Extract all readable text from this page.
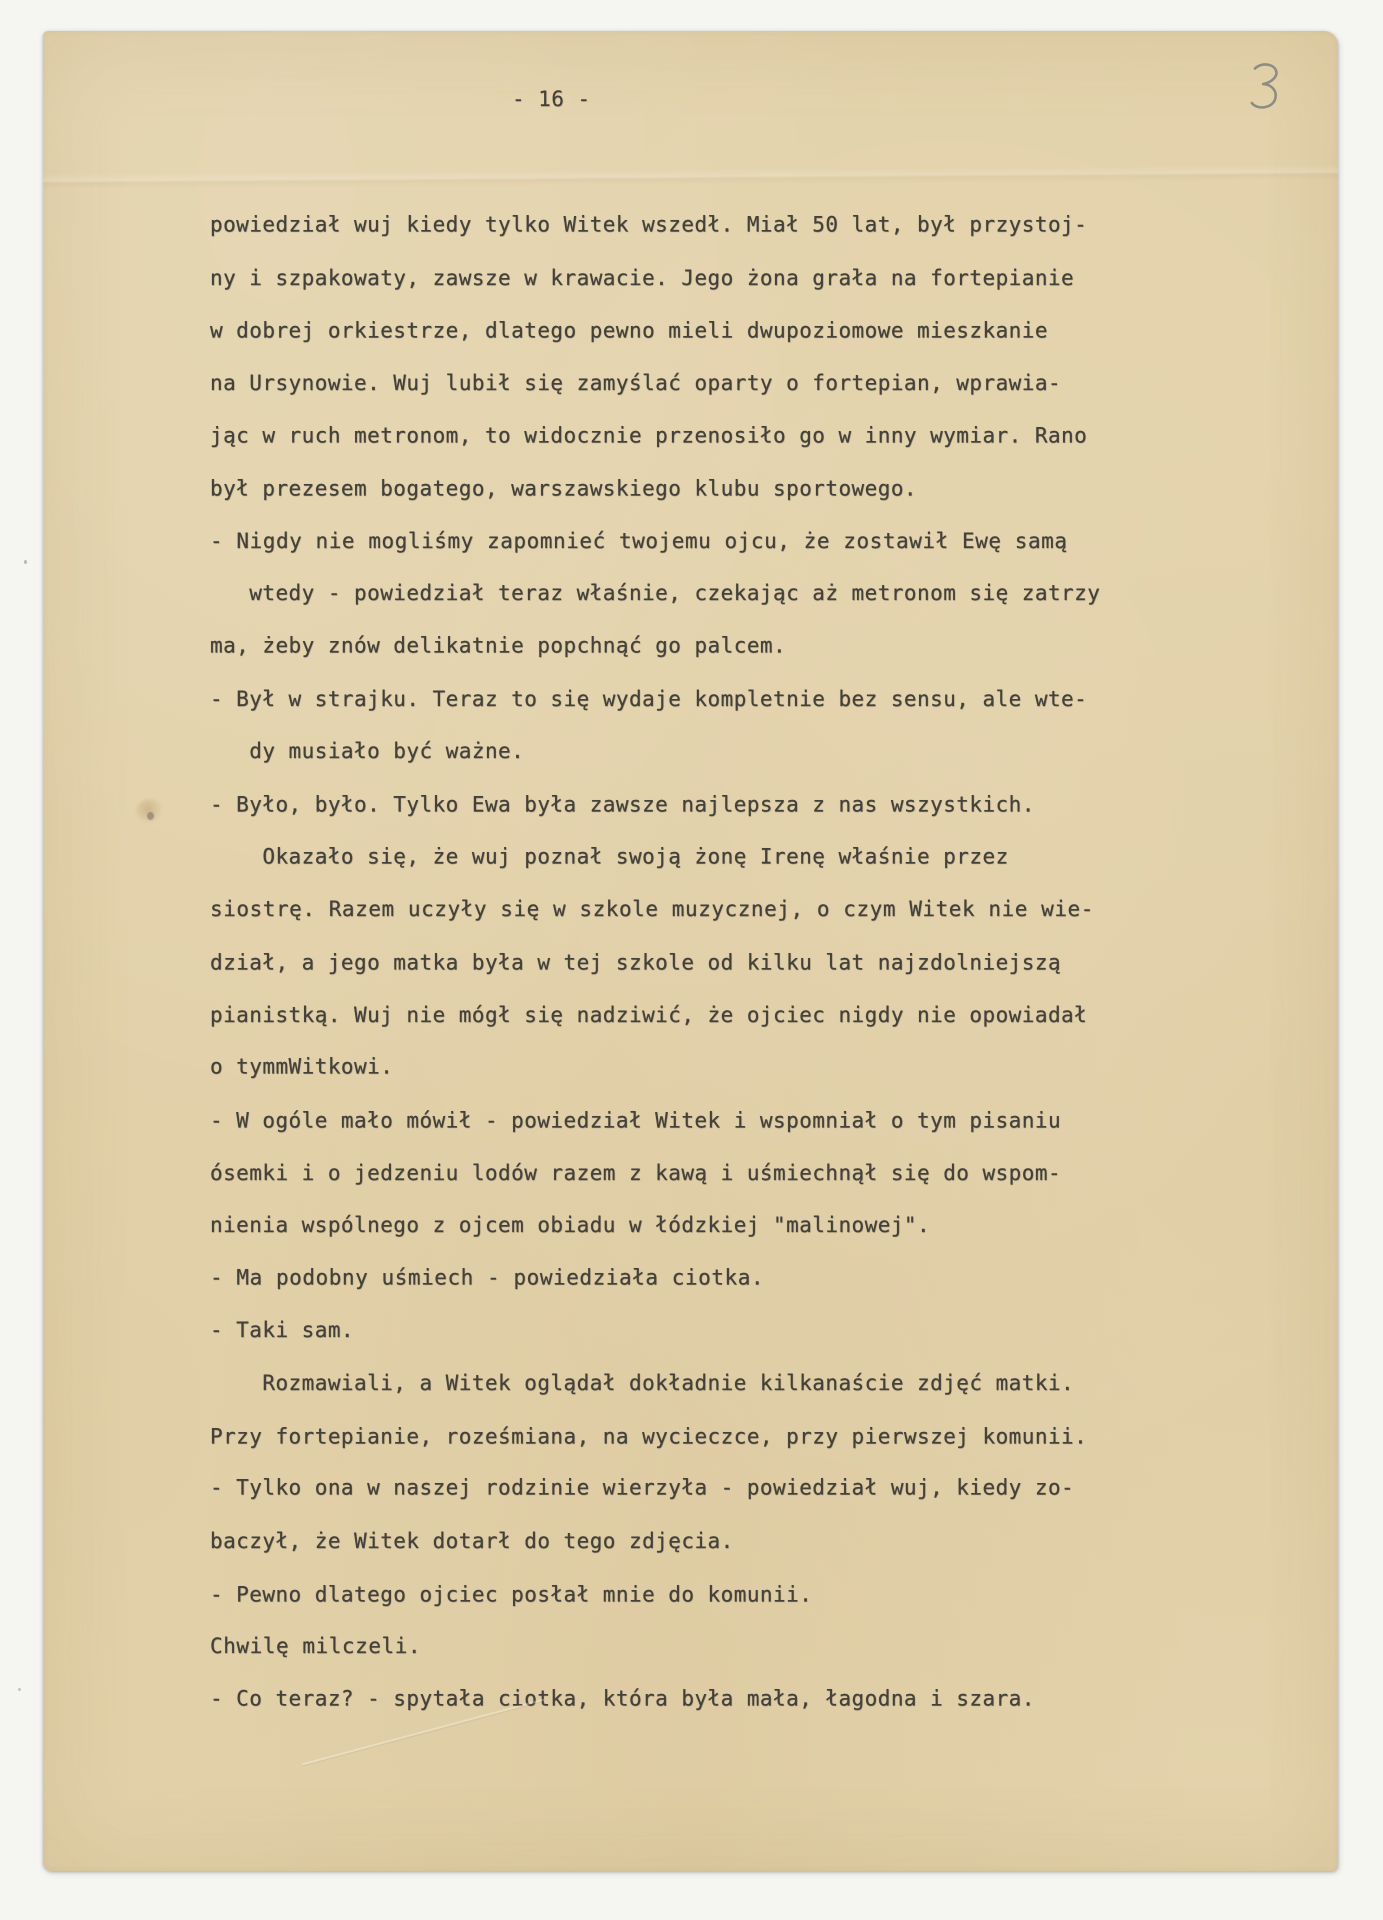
- 16 -
powiedział wuj kiedy tylko Witek wszedł. Miał 50 lat, był przystoj-
ny i szpakowaty, zawsze w krawacie. Jego żona grała na fortepianie
w dobrej orkiestrze, dlatego pewno mieli dwupoziomowe mieszkanie
na Ursynowie. Wuj lubił się zamyślać oparty o fortepian, wprawia-
jąc w ruch metronom, to widocznie przenosiło go w inny wymiar. Rano
był prezesem bogatego, warszawskiego klubu sportowego.
- Nigdy nie mogliśmy zapomnieć twojemu ojcu, że zostawił Ewę samą
wtedy - powiedział teraz właśnie, czekając aż metronom się zatrzy
ma, żeby znów delikatnie popchnąć go palcem.
- Był w strajku. Teraz to się wydaje kompletnie bez sensu, ale wte-
dy musiało być ważne.
- Było, było. Tylko Ewa była zawsze najlepsza z nas wszystkich.
Okazało się, że wuj poznał swoją żonę Irenę właśnie przez
siostrę. Razem uczyły się w szkole muzycznej, o czym Witek nie wie-
dział, a jego matka była w tej szkole od kilku lat najzdolniejszą
pianistką. Wuj nie mógł się nadziwić, że ojciec nigdy nie opowiadał
o tymmWitkowi.
- W ogóle mało mówił - powiedział Witek i wspomniał o tym pisaniu
ósemki i o jedzeniu lodów razem z kawą i uśmiechnął się do wspom-
nienia wspólnego z ojcem obiadu w łódzkiej "malinowej".
- Ma podobny uśmiech - powiedziała ciotka.
- Taki sam.
Rozmawiali, a Witek oglądał dokładnie kilkanaście zdjęć matki.
Przy fortepianie, roześmiana, na wycieczce, przy pierwszej komunii.
- Tylko ona w naszej rodzinie wierzyła - powiedział wuj, kiedy zo-
baczył, że Witek dotarł do tego zdjęcia.
- Pewno dlatego ojciec posłał mnie do komunii.
Chwilę milczeli.
- Co teraz? - spytała ciotka, która była mała, łagodna i szara.
